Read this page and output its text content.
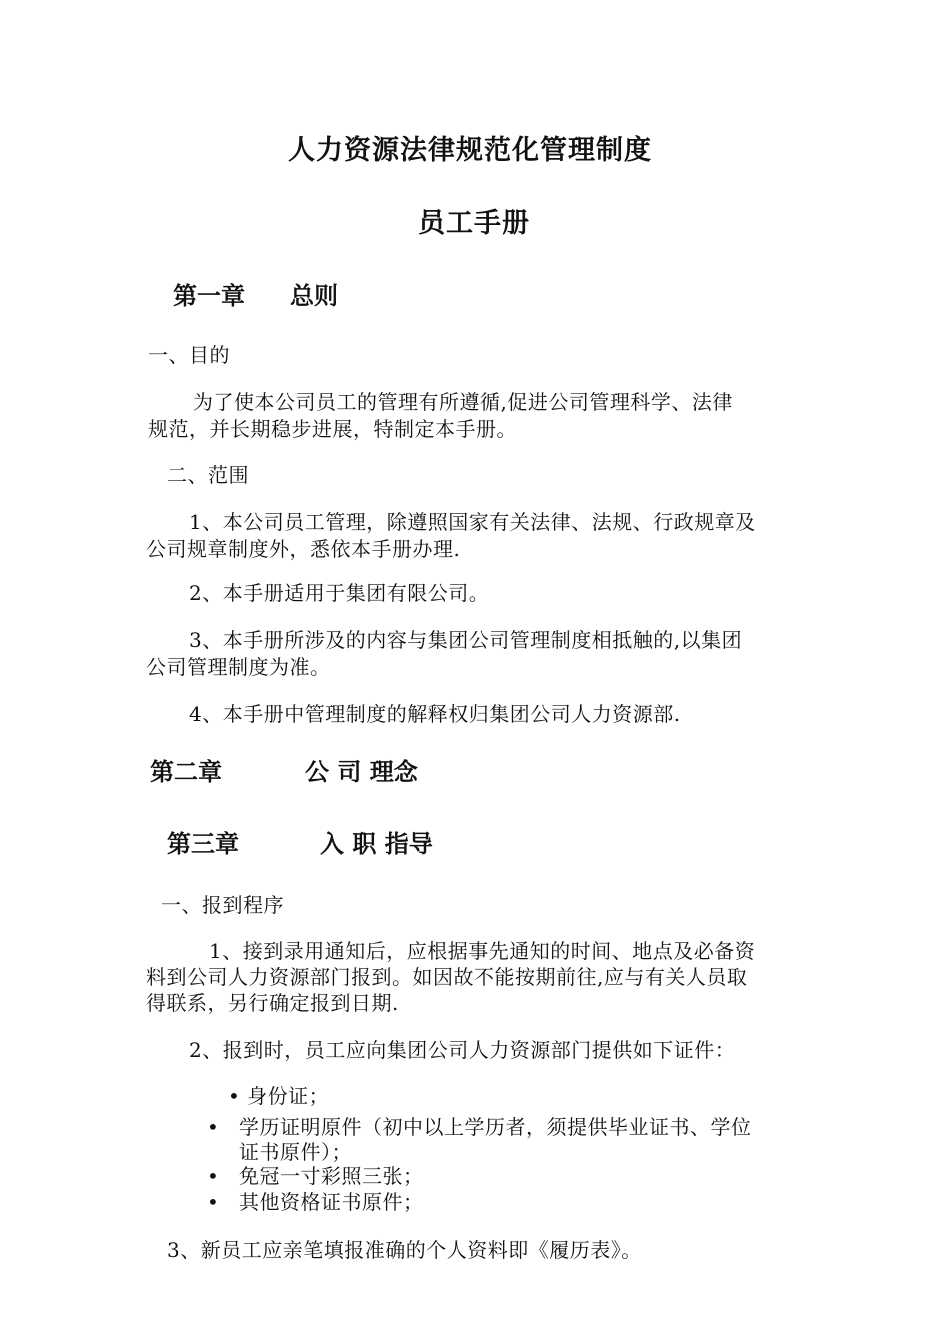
人力资源法律规范化管理制度
员工手册
第一章 总则
一、目的
为了使本公司员工的管理有所遵循,促进公司管理科学、法律
规范，并长期稳步进展，特制定本手册。
二、范围
1、本公司员工管理，除遵照国家有关法律、法规、行政规章及
公司规章制度外，悉依本手册办理.
2、本手册适用于集团有限公司。
3、本手册所涉及的内容与集团公司管理制度相抵触的,以集团
公司管理制度为准。
4、本手册中管理制度的解释权归集团公司人力资源部.
第二章	公 司 理念
第三章	入 职 指导
一、报到程序
1、接到录用通知后，应根据事先通知的时间、地点及必备资
料到公司人力资源部门报到。如因故不能按期前往,应与有关人员取
得联系，另行确定报到日期.
2、报到时，员工应向集团公司人力资源部门提供如下证件：
• 身份证；
• 学历证明原件（初中以上学历者，须提供毕业证书、学位
证书原件）；
• 免冠一寸彩照三张；
• 其他资格证书原件；
3、新员工应亲笔填报准确的个人资料即《履历表》。
